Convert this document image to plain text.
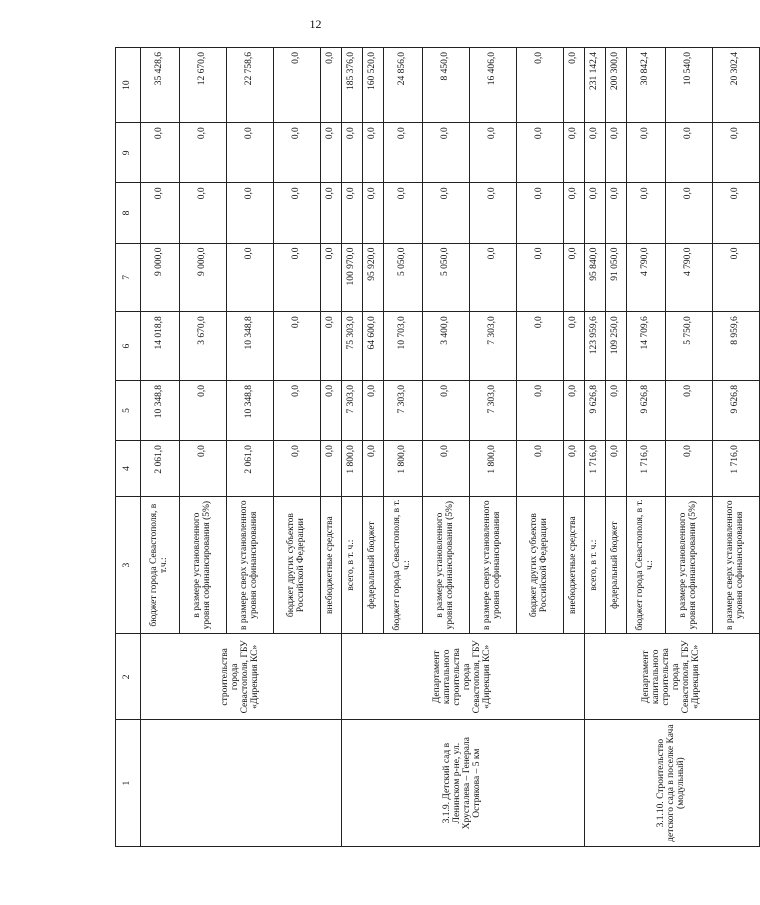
12
1	2	3	4	5	6	7	8	9	10
	строительства города Севастополя, ГБУ «Дирекция КС»	бюджет города Севастополя, в т.ч.:	2 061,0	10 348,8	14 018,8	9 000,0	0,0	0,0	35 428,6
		в размере установленного уровня софинансирования (5%)	0,0	0,0	3 670,0	9 000,0	0,0	0,0	12 670,0
		в размере сверх установленного уровня софинансирования	2 061,0	10 348,8	10 348,8	0,0	0,0	0,0	22 758,6
		бюджет других субъектов Российской Федерации	0,0	0,0	0,0	0,0	0,0	0,0	0,0
		внебюджетные средства	0,0	0,0	0,0	0,0	0,0	0,0	0,0
3.1.9. Детский сад в Ленинском р-не, ул. Хрусталева – Генерала Острякова – 5 км	Департамент капитального строительства города Севастополя, ГБУ «Дирекция КС»	всего, в т. ч.:	1 800,0	7 303,0	75 303,0	100 970,0	0,0	0,0	185 376,0
		федеральный бюджет	0,0	0,0	64 600,0	95 920,0	0,0	0,0	160 520,0
		бюджет города Севастополя, в т. ч.:	1 800,0	7 303,0	10 703,0	5 050,0	0,0	0,0	24 856,0
		в размере установленного уровня софинансирования (5%)	0,0	0,0	3 400,0	5 050,0	0,0	0,0	8 450,0
		в размере сверх установленного уровня софинансирования	1 800,0	7 303,0	7 303,0	0,0	0,0	0,0	16 406,0
		бюджет других субъектов Российской Федерации	0,0	0,0	0,0	0,0	0,0	0,0	0,0
		внебюджетные средства	0,0	0,0	0,0	0,0	0,0	0,0	0,0
3.1.10. Строительство детского сада в поселке Кача (модульный)	Департамент капитального строительства города Севастополя, ГБУ «Дирекция КС»	всего, в т. ч.:	1 716,0	9 626,8	123 959,6	95 840,0	0,0	0,0	231 142,4
		федеральный бюджет	0,0	0,0	109 250,0	91 050,0	0,0	0,0	200 300,0
		бюджет города Севастополя, в т. ч.:	1 716,0	9 626,8	14 709,6	4 790,0	0,0	0,0	30 842,4
		в размере установленного уровня софинансирования (5%)	0,0	0,0	5 750,0	4 790,0	0,0	0,0	10 540,0
		в размере сверх установленного уровня софинансирования	1 716,0	9 626,8	8 959,6	0,0	0,0	0,0	20 302,4
